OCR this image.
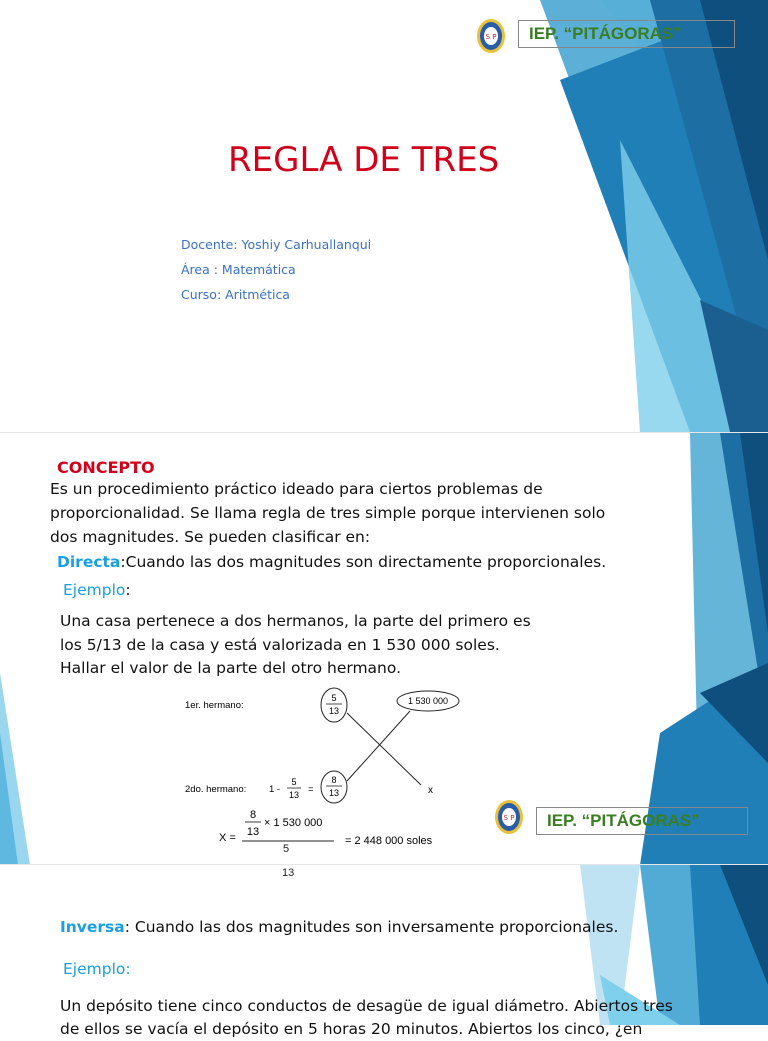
S P	IEP. “PITÁGORAS”
REGLA DE TRES
Docente: Yoshiy Carhuallanqui
Área : Matemática
Curso: Aritmética
CONCEPTO
Es un procedimiento práctico ideado para ciertos problemas de
proporcionalidad. Se llama regla de tres simple porque intervienen solo
dos magnitudes. Se pueden clasificar en:
Directa:Cuando las dos magnitudes son directamente proporcionales.
Ejemplo:
Una casa pertenece a dos hermanos, la parte del primero es
los 5/13 de la casa y está valorizada en 1 530 000 soles.
Hallar el valor de la parte del otro hermano.
1er. hermano:
5
13
1 530 000
2do. hermano: 1 -
5
13 =
8
13	x
X =
8
13
× 1 530 000
= 2 448 000 soles
5
S P	IEP. “PITÁGORAS”
13
Inversa: Cuando las dos magnitudes son inversamente proporcionales.
Ejemplo:
Un depósito tiene cinco conductos de desagüe de igual diámetro. Abiertos tres
de ellos se vacía el depósito en 5 horas 20 minutos. Abiertos los cinco, ¿en
